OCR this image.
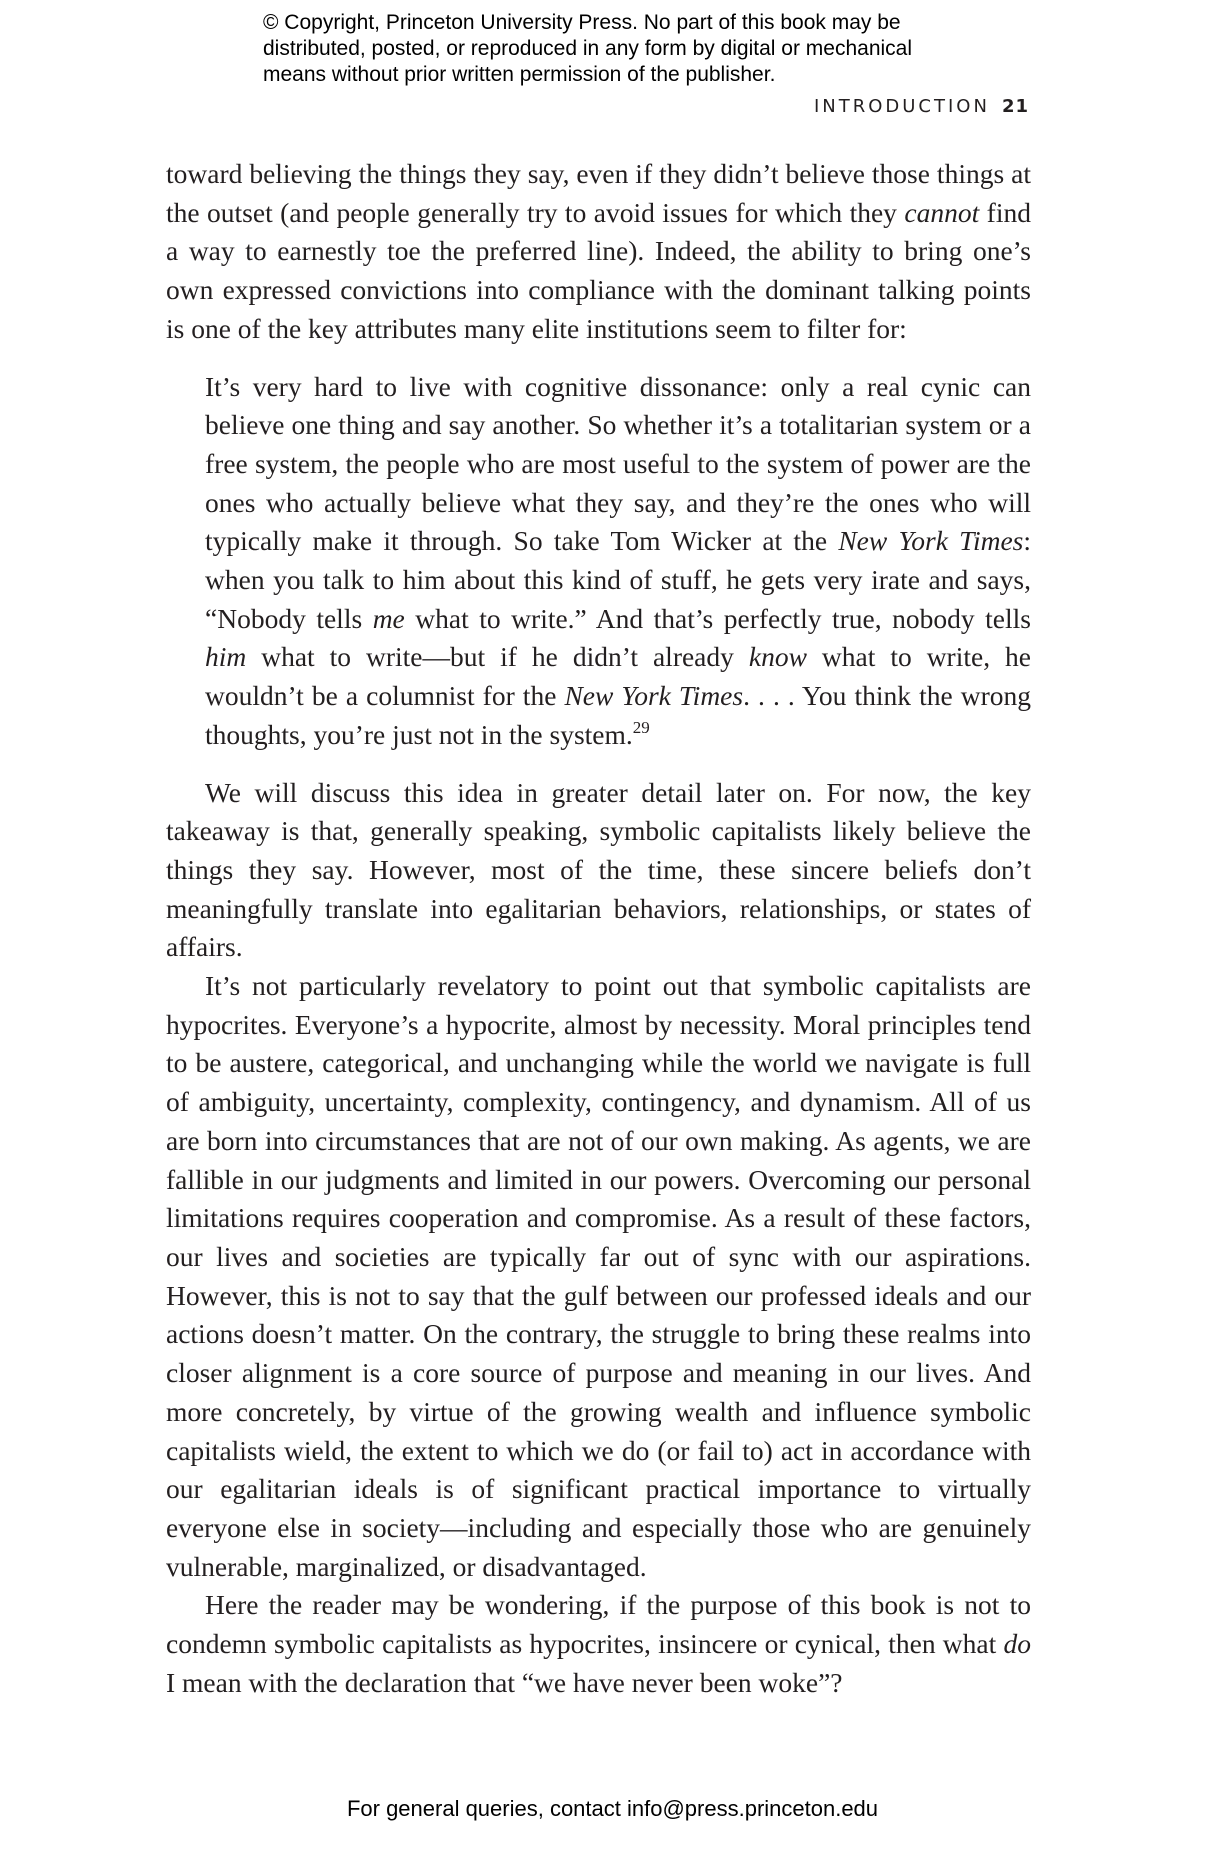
© Copyright, Princeton University Press. No part of this book may be
distributed, posted, or reproduced in any form by digital or mechanical
means without prior written permission of the publisher.
INTRODUCTION 21

toward believing the things they say, even if they didn’t believe those things at the outset (and people generally try to avoid issues for which they cannot find a way to earnestly toe the preferred line). Indeed, the ability to bring one’s own expressed convictions into compliance with the dominant talking points is one of the key attributes many elite institutions seem to filter for:

It’s very hard to live with cognitive dissonance: only a real cynic can believe one thing and say another. So whether it’s a totalitarian system or a free system, the people who are most useful to the system of power are the ones who actually believe what they say, and they’re the ones who will typically make it through. So take Tom Wicker at the New York Times: when you talk to him about this kind of stuff, he gets very irate and says, “Nobody tells me what to write.” And that’s perfectly true, nobody tells him what to write—but if he didn’t already know what to write, he wouldn’t be a columnist for the New York Times. . . . You think the wrong thoughts, you’re just not in the system.$^{29}$

We will discuss this idea in greater detail later on. For now, the key takeaway is that, generally speaking, symbolic capitalists likely believe the things they say. However, most of the time, these sincere beliefs don’t meaningfully translate into egalitarian behaviors, relationships, or states of affairs.

It’s not particularly revelatory to point out that symbolic capitalists are hypocrites. Everyone’s a hypocrite, almost by necessity. Moral principles tend to be austere, categorical, and unchanging while the world we navigate is full of ambiguity, uncertainty, complexity, contingency, and dynamism. All of us are born into circumstances that are not of our own making. As agents, we are fallible in our judgments and limited in our powers. Overcoming our personal limitations requires cooperation and compromise. As a result of these factors, our lives and societies are typically far out of sync with our aspirations. However, this is not to say that the gulf between our professed ideals and our actions doesn’t matter. On the contrary, the struggle to bring these realms into closer alignment is a core source of purpose and meaning in our lives. And more concretely, by virtue of the growing wealth and influence symbolic capitalists wield, the extent to which we do (or fail to) act in accordance with our egalitarian ideals is of significant practical importance to virtually everyone else in society—including and especially those who are genuinely vulnerable, marginalized, or disadvantaged.

Here the reader may be wondering, if the purpose of this book is not to condemn symbolic capitalists as hypocrites, insincere or cynical, then what do I mean with the declaration that “we have never been woke”?

For general queries, contact info@press.princeton.edu
